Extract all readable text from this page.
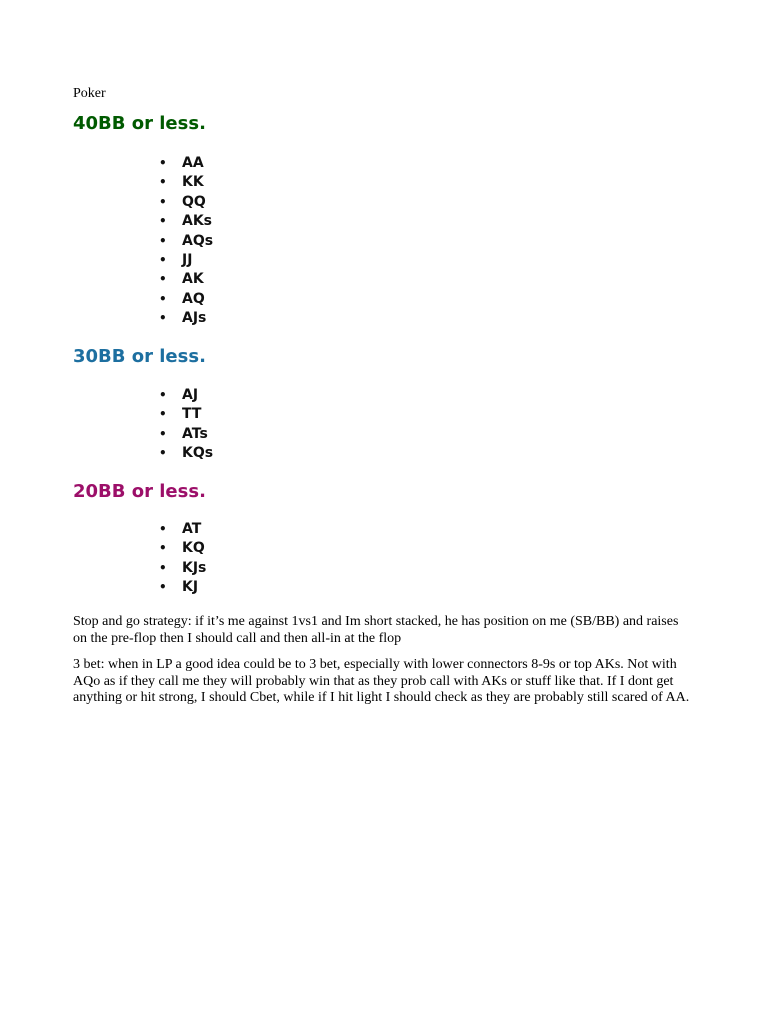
Poker
40BB or less.
•	AA
•	KK
•	QQ
•	AKs
•	AQs
•	JJ
•	AK
•	AQ
•	AJs
30BB or less.
•	AJ
•	TT
•	ATs
•	KQs
20BB or less.
•	AT
•	KQ
•	KJs
•	KJ

Stop and go strategy: if it’s me against 1vs1 and Im short stacked, he has position on me (SB/BB) and raises on the pre-flop then I should call and then all-in at the flop

3 bet: when in LP a good idea could be to 3 bet, especially with lower connectors 8-9s or top AKs. Not with AQo as if they call me they will probably win that as they prob call with AKs or stuff like that. If I dont get anything or hit strong, I should Cbet, while if I hit light I should check as they are probably still scared of AA.
